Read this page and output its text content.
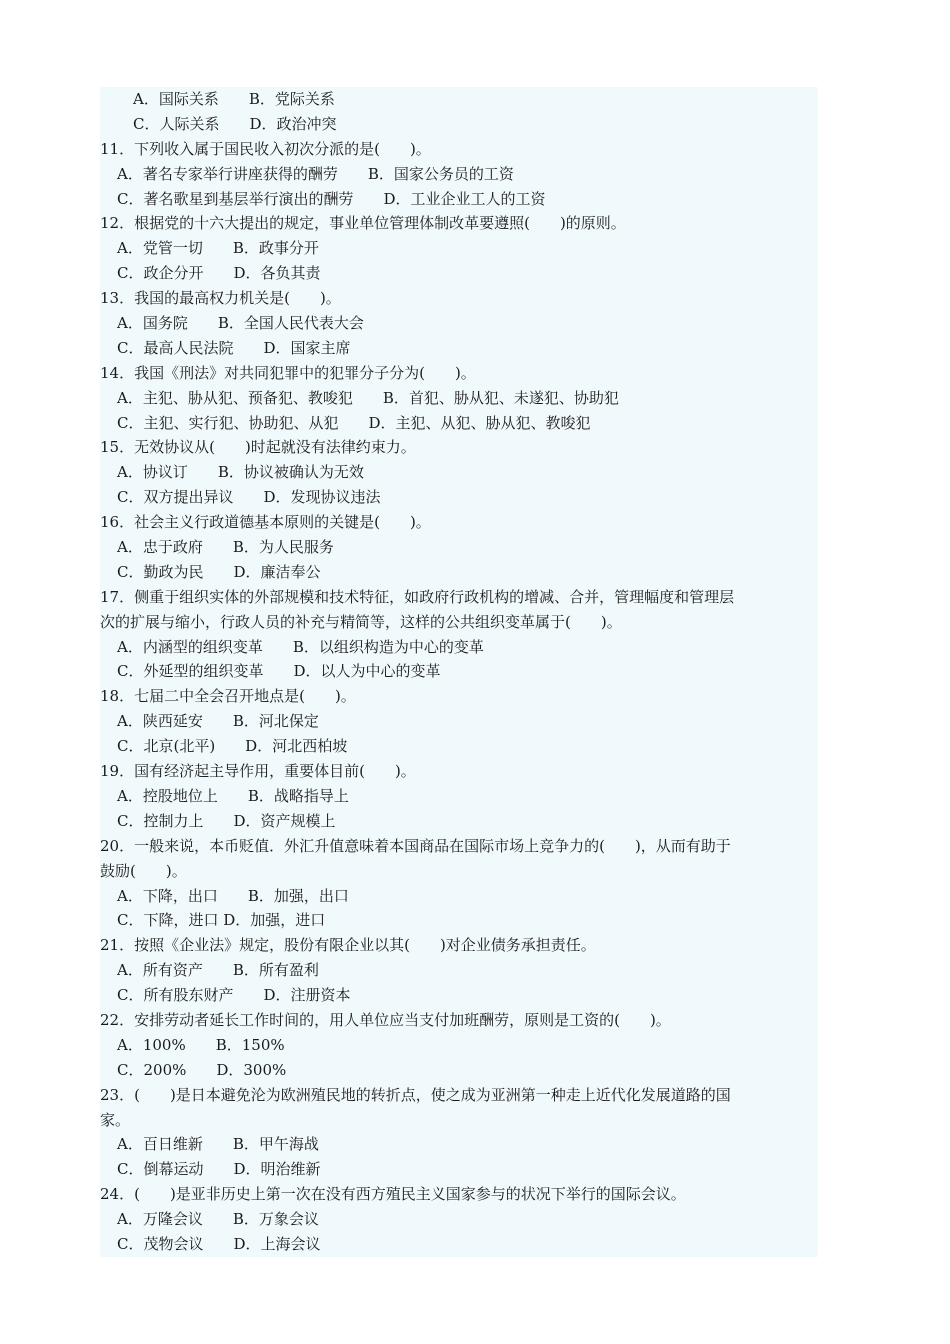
A．国际关系　　B．党际关系
C．人际关系　　D．政治冲突
11．下列收入属于国民收入初次分派的是(　　)。
A．著名专家举行讲座获得的酬劳　　B．国家公务员的工资
C．著名歌星到基层举行演出的酬劳　　D．工业企业工人的工资
12．根据党的十六大提出的规定，事业单位管理体制改革要遵照(　　)的原则。
A．党管一切　　B．政事分开
C．政企分开　　D．各负其责
13．我国的最高权力机关是(　　)。
A．国务院　　B．全国人民代表大会
C．最高人民法院　　D．国家主席
14．我国《刑法》对共同犯罪中的犯罪分子分为(　　)。
A．主犯、胁从犯、预备犯、教唆犯　　B．首犯、胁从犯、未遂犯、协助犯
C．主犯、实行犯、协助犯、从犯　　D．主犯、从犯、胁从犯、教唆犯
15．无效协议从(　　)时起就没有法律约束力。
A．协议订　　B．协议被确认为无效
C．双方提出异议　　D．发现协议违法
16．社会主义行政道德基本原则的关键是(　　)。
A．忠于政府　　B．为人民服务
C．勤政为民　　D．廉洁奉公
17．侧重于组织实体的外部规模和技术特征，如政府行政机构的增减、合并，管理幅度和管理层
次的扩展与缩小，行政人员的补充与精简等，这样的公共组织变革属于(　　)。
A．内涵型的组织变革　　B．以组织构造为中心的变革
C．外延型的组织变革　　D．以人为中心的变革
18．七届二中全会召开地点是(　　)。
A．陕西延安　　B．河北保定
C．北京(北平)　　D．河北西柏坡
19．国有经济起主导作用，重要体目前(　　)。
A．控股地位上　　B．战略指导上
C．控制力上　　D．资产规模上
20．一般来说，本币贬值．外汇升值意味着本国商品在国际市场上竞争力的(　　)，从而有助于
鼓励(　　)。
A．下降，出口　　B．加强，出口
C．下降，进口 D．加强，进口
21．按照《企业法》规定，股份有限企业以其(　　)对企业债务承担责任。
A．所有资产　　B．所有盈利
C．所有股东财产　　D．注册资本
22．安排劳动者延长工作时间的，用人单位应当支付加班酬劳，原则是工资的(　　)。
A．100%　　B．150%
C．200%　　D．300%
23．(　　)是日本避免沦为欧洲殖民地的转折点，使之成为亚洲第一种走上近代化发展道路的国
家。
A．百日维新　　B．甲午海战
C．倒幕运动　　D．明治维新
24．(　　)是亚非历史上第一次在没有西方殖民主义国家参与的状况下举行的国际会议。
A．万隆会议　　B．万象会议
C．茂物会议　　D．上海会议
